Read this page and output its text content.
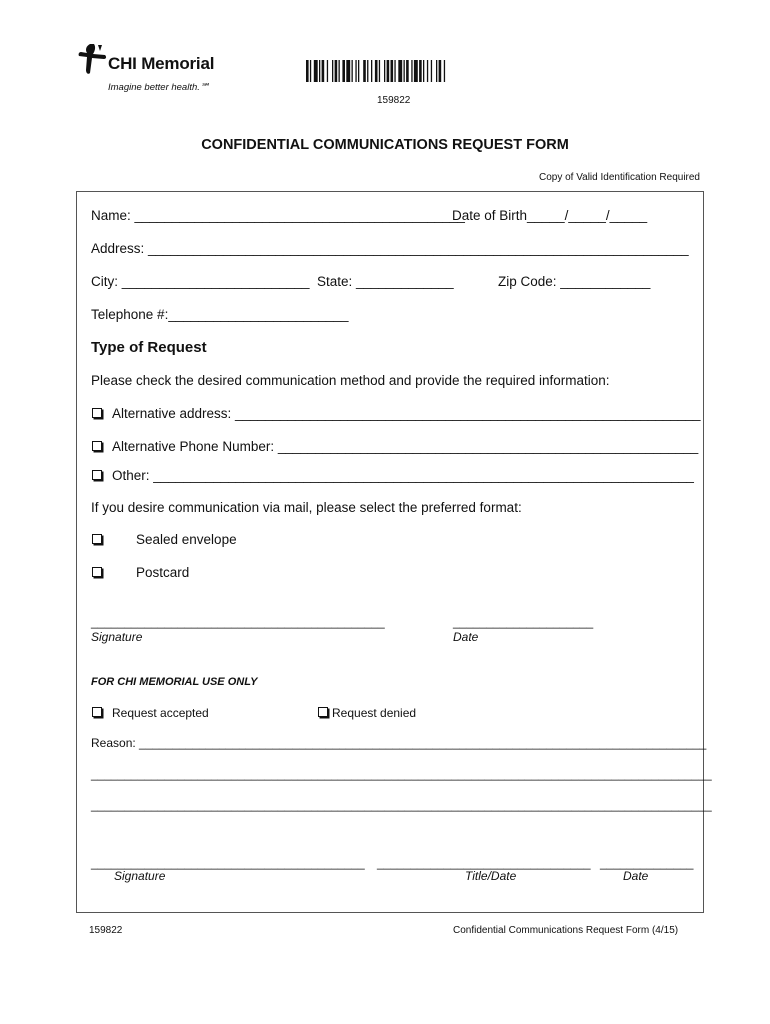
CHI Memorial
Imagine better health.℠
159822
CONFIDENTIAL COMMUNICATIONS REQUEST FORM
Copy of Valid Identification Required
Name: ____________________________________________
Date of Birth_____/_____/_____
Address: ________________________________________________________________________
City: _________________________ State: _____________	Zip Code: ____________
Telephone #:________________________
Type of Request
Please check the desired communication method and provide the required information:
Alternative address: ______________________________________________________________
Alternative Phone Number: ________________________________________________________
Other: ________________________________________________________________________
If you desire communication via mail, please select the preferred format:
Sealed envelope
Postcard
____________________________________________	_____________________
Signature	Date
FOR CHI MEMORIAL USE ONLY
Request accepted	Request denied
Reason: _____________________________________________________________________________________
_____________________________________________________________________________________________
_____________________________________________________________________________________________
_________________________________________ ________________________________ ______________
Signature	Title/Date	Date
159822	Confidential Communications Request Form (4/15)
